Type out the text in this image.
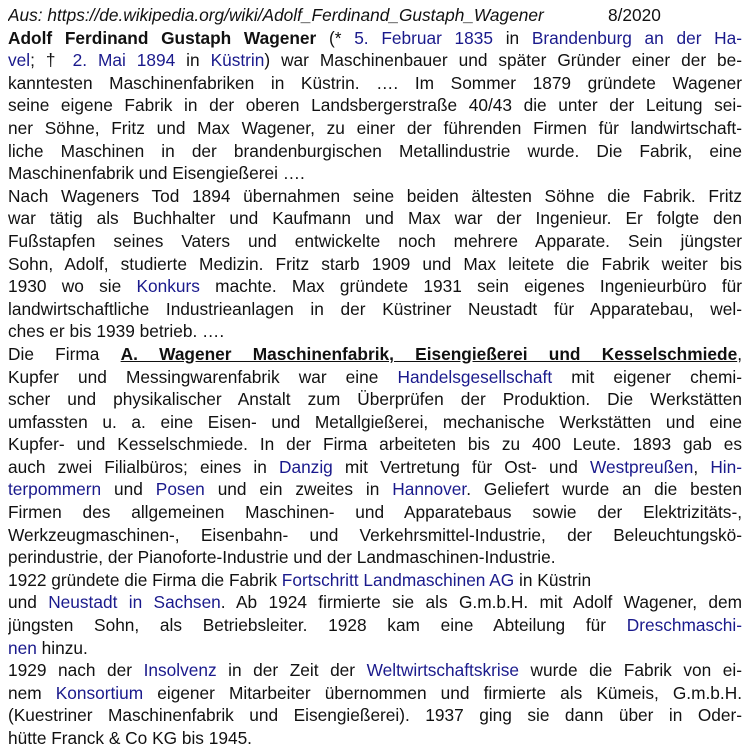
Aus: https://de.wikipedia.org/wiki/Adolf_Ferdinand_Gustaph_Wagener	8/2020
Adolf Ferdinand Gustaph Wagener (* 5. Februar 1835 in Brandenburg an der Ha-
vel; † 2. Mai 1894 in Küstrin) war Maschinenbauer und später Gründer einer der be-
kanntesten Maschinenfabriken in Küstrin. …. Im Sommer 1879 gründete Wagener
seine eigene Fabrik in der oberen Landsbergerstraße 40/43 die unter der Leitung sei-
ner Söhne, Fritz und Max Wagener, zu einer der führenden Firmen für landwirtschaft-
liche Maschinen in der brandenburgischen Metallindustrie wurde. Die Fabrik, eine
Maschinenfabrik und Eisengießerei ….
Nach Wageners Tod 1894 übernahmen seine beiden ältesten Söhne die Fabrik. Fritz
war tätig als Buchhalter und Kaufmann und Max war der Ingenieur. Er folgte den
Fußstapfen seines Vaters und entwickelte noch mehrere Apparate. Sein jüngster
Sohn, Adolf, studierte Medizin. Fritz starb 1909 und Max leitete die Fabrik weiter bis
1930 wo sie Konkurs machte. Max gründete 1931 sein eigenes Ingenieurbüro für
landwirtschaftliche Industrieanlagen in der Küstriner Neustadt für Apparatebau, wel-
ches er bis 1939 betrieb. ….
Die Firma A. Wagener Maschinenfabrik, Eisengießerei und Kesselschmiede,
Kupfer und Messingwarenfabrik war eine Handelsgesellschaft mit eigener chemi-
scher und physikalischer Anstalt zum Überprüfen der Produktion. Die Werkstätten
umfassten u. a. eine Eisen- und Metallgießerei, mechanische Werkstätten und eine
Kupfer- und Kesselschmiede. In der Firma arbeiteten bis zu 400 Leute. 1893 gab es
auch zwei Filialbüros; eines in Danzig mit Vertretung für Ost- und Westpreußen, Hin-
terpommern und Posen und ein zweites in Hannover. Geliefert wurde an die besten
Firmen des allgemeinen Maschinen- und Apparatebaus sowie der Elektrizitäts-,
Werkzeugmaschinen-, Eisenbahn- und Verkehrsmittel-Industrie, der Beleuchtungskö-
perindustrie, der Pianoforte-Industrie und der Landmaschinen-Industrie.
1922 gründete die Firma die Fabrik Fortschritt Landmaschinen AG in Küstrin
und Neustadt in Sachsen. Ab 1924 firmierte sie als G.m.b.H. mit Adolf Wagener, dem
jüngsten Sohn, als Betriebsleiter. 1928 kam eine Abteilung für Dreschmaschi-
nen hinzu.
1929 nach der Insolvenz in der Zeit der Weltwirtschaftskrise wurde die Fabrik von ei-
nem Konsortium eigener Mitarbeiter übernommen und firmierte als Kümeis, G.m.b.H.
(Kuestriner Maschinenfabrik und Eisengießerei). 1937 ging sie dann über in Oder-
hütte Franck & Co KG bis 1945.
